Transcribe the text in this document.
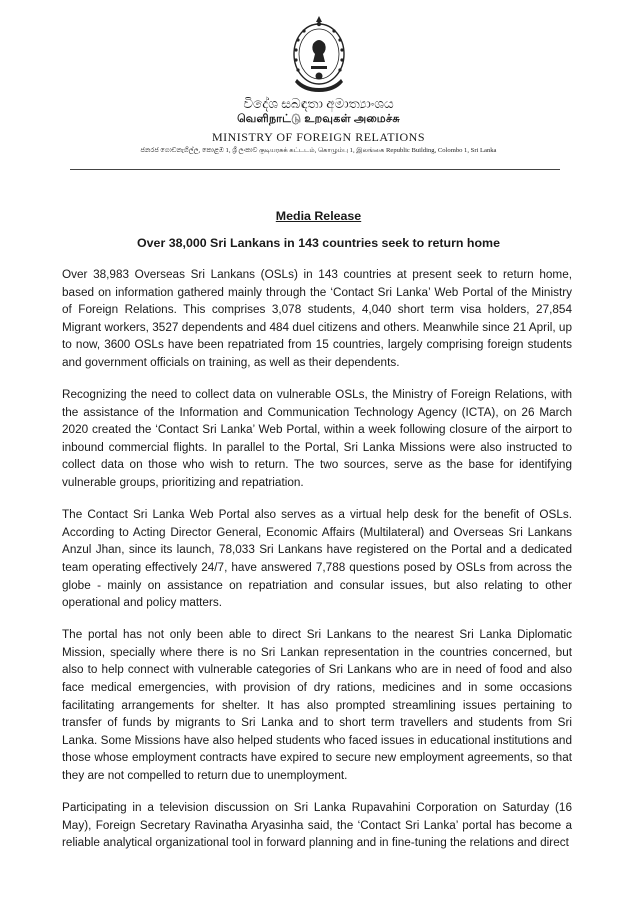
විදේශ සබඳතා අමාත්‍යාංශය
வெளிநாட்டு உறவுகள் அமைச்சு
MINISTRY OF FOREIGN RELATIONS
ජනරජ ගොඩනැගිල්ල, කොළඹ 1, ශ්‍රී ලංකාව குடியரசுக் கட்டடம், கொழும்பு 1, இலங்கை Republic Building, Colombo 1, Sri Lanka
Media Release
Over 38,000 Sri Lankans in 143 countries seek to return home

Over 38,983 Overseas Sri Lankans (OSLs) in 143 countries at present seek to return home, based on information gathered mainly through the ‘Contact Sri Lanka’ Web Portal of the Ministry of Foreign Relations. This comprises 3,078 students, 4,040 short term visa holders, 27,854 Migrant workers, 3527 dependents and 484 duel citizens and others. Meanwhile since 21 April, up to now, 3600 OSLs have been repatriated from 15 countries, largely comprising foreign students and government officials on training, as well as their dependents.

Recognizing the need to collect data on vulnerable OSLs, the Ministry of Foreign Relations, with the assistance of the Information and Communication Technology Agency (ICTA), on 26 March 2020 created the ‘Contact Sri Lanka’ Web Portal, within a week following closure of the airport to inbound commercial flights. In parallel to the Portal, Sri Lanka Missions were also instructed to collect data on those who wish to return. The two sources, serve as the base for identifying vulnerable groups, prioritizing and repatriation.

The Contact Sri Lanka Web Portal also serves as a virtual help desk for the benefit of OSLs. According to Acting Director General, Economic Affairs (Multilateral) and Overseas Sri Lankans Anzul Jhan, since its launch, 78,033 Sri Lankans have registered on the Portal and a dedicated team operating effectively 24/7, have answered 7,788 questions posed by OSLs from across the globe - mainly on assistance on repatriation and consular issues, but also relating to other operational and policy matters.

The portal has not only been able to direct Sri Lankans to the nearest Sri Lanka Diplomatic Mission, specially where there is no Sri Lankan representation in the countries concerned, but also to help connect with vulnerable categories of Sri Lankans who are in need of food and also face medical emergencies, with provision of dry rations, medicines and in some occasions facilitating arrangements for shelter. It has also prompted streamlining issues pertaining to transfer of funds by migrants to Sri Lanka and to short term travellers and students from Sri Lanka. Some Missions have also helped students who faced issues in educational institutions and those whose employment contracts have expired to secure new employment agreements, so that they are not compelled to return due to unemployment.

Participating in a television discussion on Sri Lanka Rupavahini Corporation on Saturday (16 May), Foreign Secretary Ravinatha Aryasinha said, the ‘Contact Sri Lanka’ portal has become a reliable analytical organizational tool in forward planning and in fine-tuning the relations and direct
